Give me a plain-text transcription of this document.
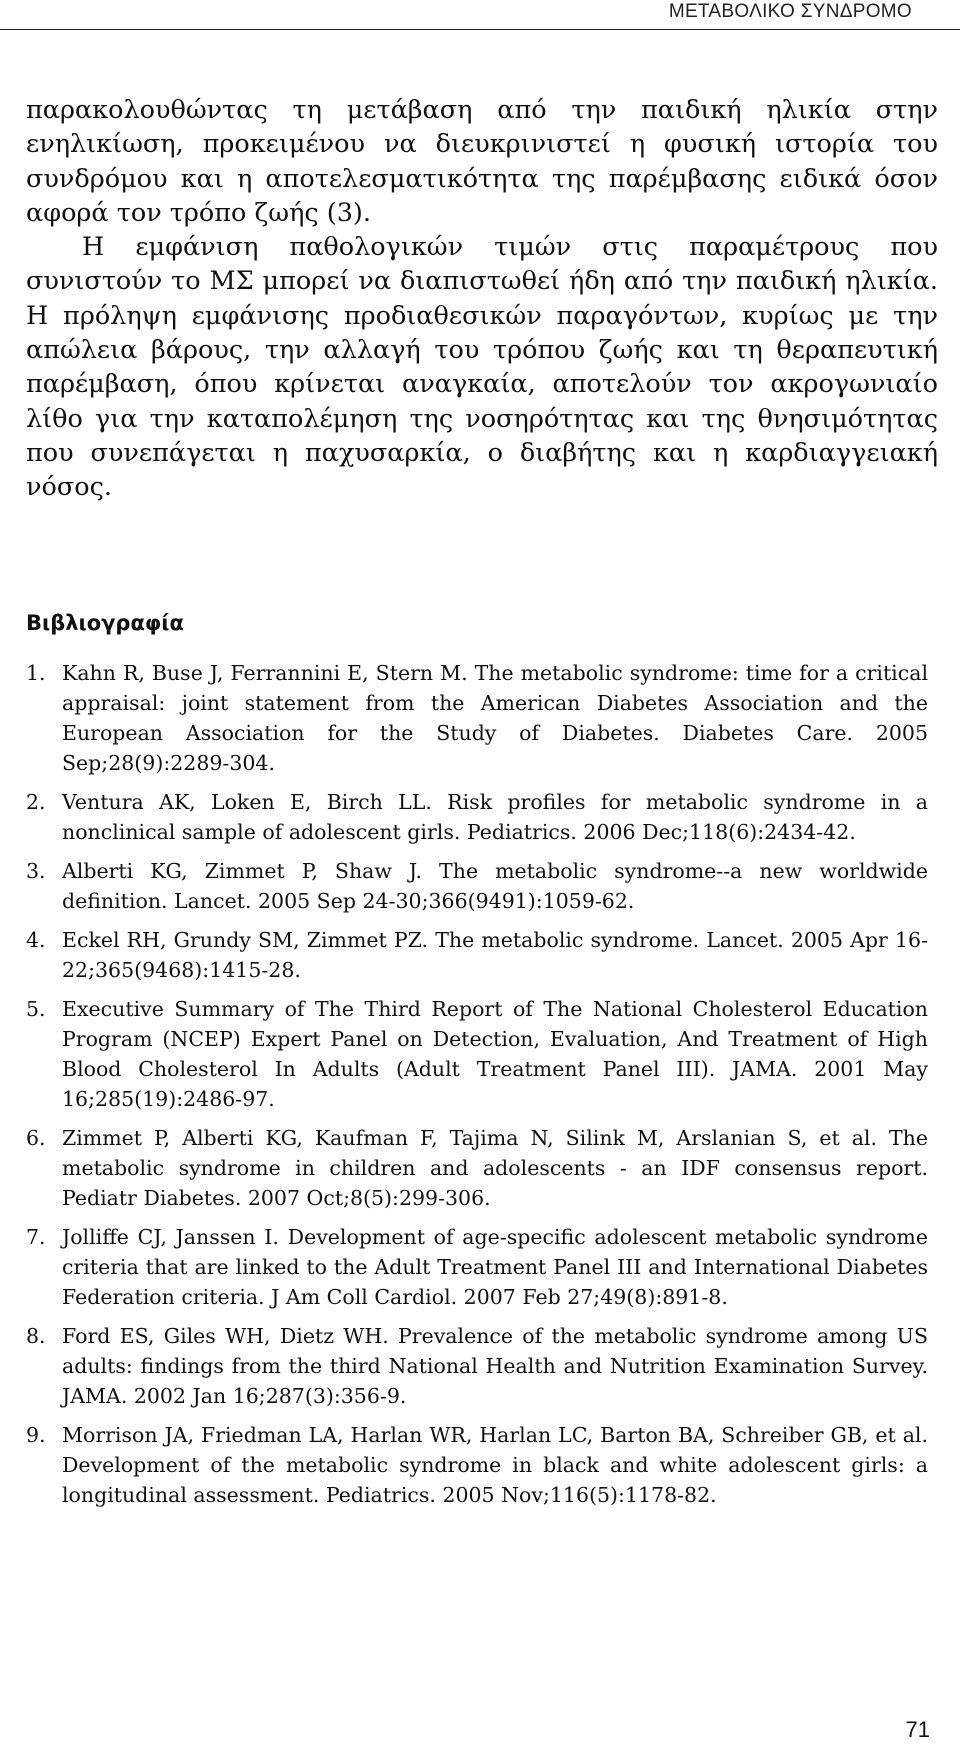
ΜΕΤΑΒΟΛΙΚΟ ΣΥΝΔΡΟΜΟ

παρακολουθώντας τη μετάβαση από την παιδική ηλικία στην ενηλικίωση, προκειμένου να διευκρινιστεί η φυσική ιστορία του συνδρόμου και η αποτελεσματικότητα της παρέμβασης ειδικά όσον αφορά τον τρόπο ζωής (3).

Η εμφάνιση παθολογικών τιμών στις παραμέτρους που συνιστούν το ΜΣ μπορεί να διαπιστωθεί ήδη από την παιδική ηλικία. Η πρόληψη εμφάνισης προδιαθεσικών παραγόντων, κυρίως με την απώλεια βάρους, την αλλαγή του τρόπου ζωής και τη θεραπευτική παρέμβαση, όπου κρίνεται αναγκαία, αποτελούν τον ακρογωνιαίο λίθο για την καταπολέμηση της νοσηρότητας και της θνησιμότητας που συνεπάγεται η παχυσαρκία, ο διαβήτης και η καρδιαγγειακή νόσος.

Βιβλιογραφία
1. Kahn R, Buse J, Ferrannini E, Stern M. The metabolic syndrome: time for a critical appraisal: joint statement from the American Diabetes Association and the European Association for the Study of Diabetes. Diabetes Care. 2005 Sep;28(9):2289-304.
2. Ventura AK, Loken E, Birch LL. Risk profiles for metabolic syndrome in a nonclinical sample of adolescent girls. Pediatrics. 2006 Dec;118(6):2434-42.
3. Alberti KG, Zimmet P, Shaw J. The metabolic syndrome--a new worldwide definition. Lancet. 2005 Sep 24-30;366(9491):1059-62.
4. Eckel RH, Grundy SM, Zimmet PZ. The metabolic syndrome. Lancet. 2005 Apr 16-22;365(9468):1415-28.
5. Executive Summary of The Third Report of The National Cholesterol Education Program (NCEP) Expert Panel on Detection, Evaluation, And Treatment of High Blood Cholesterol In Adults (Adult Treatment Panel III). JAMA. 2001 May 16;285(19):2486-97.
6. Zimmet P, Alberti KG, Kaufman F, Tajima N, Silink M, Arslanian S, et al. The metabolic syndrome in children and adolescents - an IDF consensus report. Pediatr Diabetes. 2007 Oct;8(5):299-306.
7. Jolliffe CJ, Janssen I. Development of age-specific adolescent metabolic syndrome criteria that are linked to the Adult Treatment Panel III and International Diabetes Federation criteria. J Am Coll Cardiol. 2007 Feb 27;49(8):891-8.
8. Ford ES, Giles WH, Dietz WH. Prevalence of the metabolic syndrome among US adults: findings from the third National Health and Nutrition Examination Survey. JAMA. 2002 Jan 16;287(3):356-9.
9. Morrison JA, Friedman LA, Harlan WR, Harlan LC, Barton BA, Schreiber GB, et al. Development of the metabolic syndrome in black and white adolescent girls: a longitudinal assessment. Pediatrics. 2005 Nov;116(5):1178-82.
71
